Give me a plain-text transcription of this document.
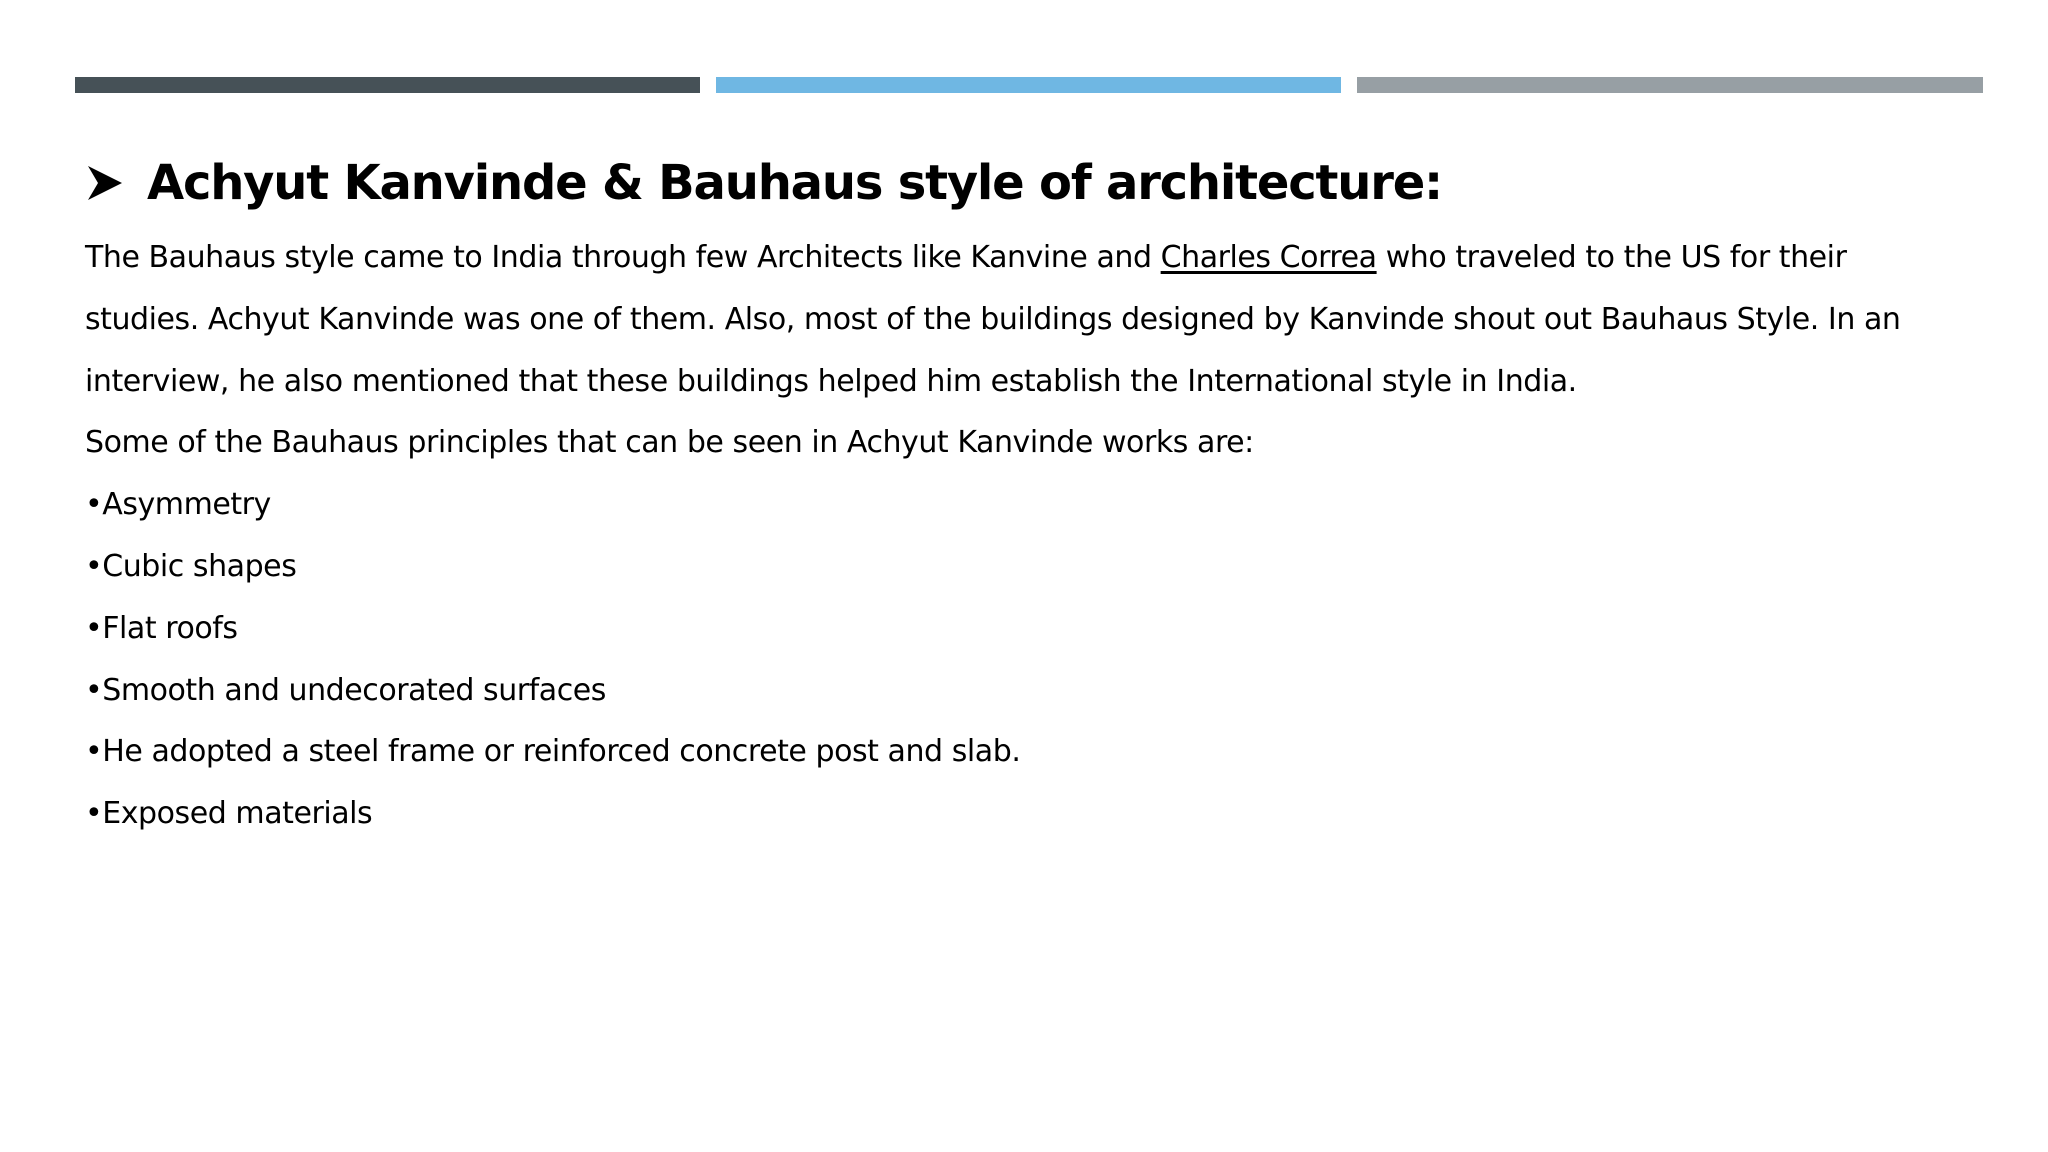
Achyut Kanvinde & Bauhaus style of architecture:

The Bauhaus style came to India through few Architects like Kanvine and Charles Correa who traveled to the US for their studies. Achyut Kanvinde was one of them. Also, most of the buildings designed by Kanvinde shout out Bauhaus Style. In an interview, he also mentioned that these buildings helped him establish the International style in India.

Some of the Bauhaus principles that can be seen in Achyut Kanvinde works are:

•Asymmetry
•Cubic shapes
•Flat roofs
•Smooth and undecorated surfaces
•He adopted a steel frame or reinforced concrete post and slab.
•Exposed materials
